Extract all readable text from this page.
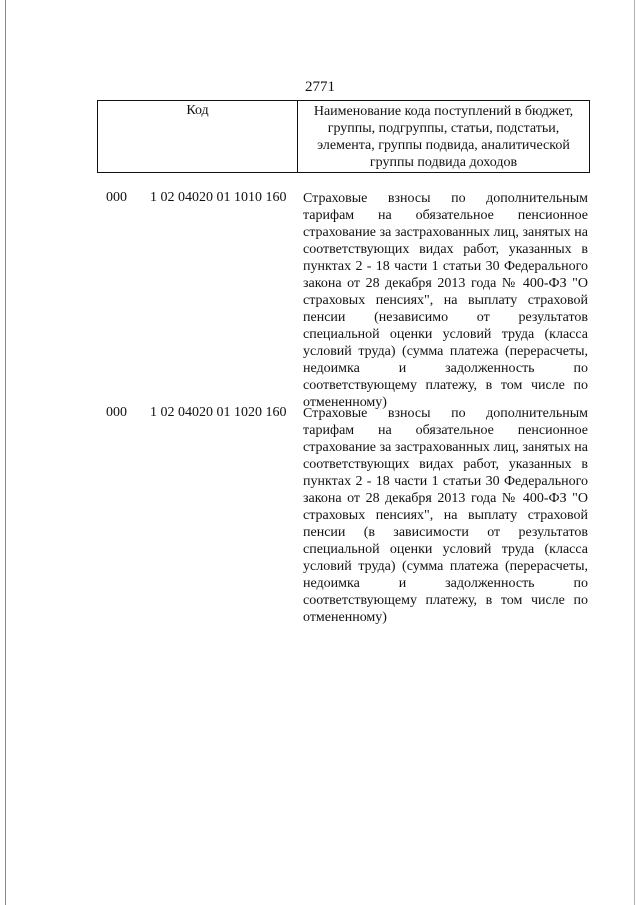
2771
Код	Наименование кода поступлений в бюджет, группы, подгруппы, статьи, подстатьи, элемента, группы подвида, аналитической группы подвида доходов
000 1 02 04020 01 1010 160 Страховые взносы по дополнительным тарифам на обязательное пенсионное страхование за застрахованных лиц, занятых на соответствующих видах работ, указанных в пунктах 2 - 18 части 1 статьи 30 Федерального закона от 28 декабря 2013 года № 400-ФЗ "О страховых пенсиях", на выплату страховой пенсии (независимо от результатов специальной оценки условий труда (класса условий труда) (сумма платежа (перерасчеты, недоимка и задолженность по соответствующему платежу, в том числе по отмененному)
000 1 02 04020 01 1020 160 Страховые взносы по дополнительным тарифам на обязательное пенсионное страхование за застрахованных лиц, занятых на соответствующих видах работ, указанных в пунктах 2 - 18 части 1 статьи 30 Федерального закона от 28 декабря 2013 года № 400-ФЗ "О страховых пенсиях", на выплату страховой пенсии (в зависимости от результатов специальной оценки условий труда (класса условий труда) (сумма платежа (перерасчеты, недоимка и задолженность по соответствующему платежу, в том числе по отмененному)
